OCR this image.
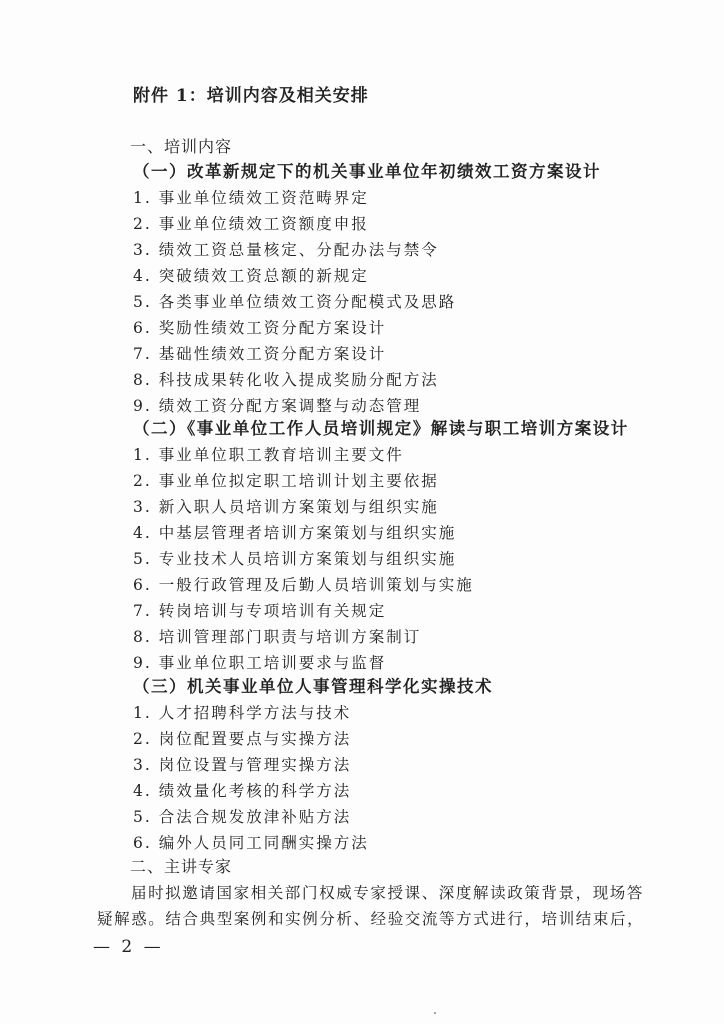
附件 1：培训内容及相关安排
一、培训内容
（一）改革新规定下的机关事业单位年初绩效工资方案设计
1. 事业单位绩效工资范畴界定
2. 事业单位绩效工资额度申报
3. 绩效工资总量核定、分配办法与禁令
4. 突破绩效工资总额的新规定
5. 各类事业单位绩效工资分配模式及思路
6. 奖励性绩效工资分配方案设计
7. 基础性绩效工资分配方案设计
8. 科技成果转化收入提成奖励分配方法
9. 绩效工资分配方案调整与动态管理
（二）《事业单位工作人员培训规定》解读与职工培训方案设计
1. 事业单位职工教育培训主要文件
2. 事业单位拟定职工培训计划主要依据
3. 新入职人员培训方案策划与组织实施
4. 中基层管理者培训方案策划与组织实施
5. 专业技术人员培训方案策划与组织实施
6. 一般行政管理及后勤人员培训策划与实施
7. 转岗培训与专项培训有关规定
8. 培训管理部门职责与培训方案制订
9. 事业单位职工培训要求与监督
（三）机关事业单位人事管理科学化实操技术
1. 人才招聘科学方法与技术
2. 岗位配置要点与实操方法
3. 岗位设置与管理实操方法
4. 绩效量化考核的科学方法
5. 合法合规发放津补贴方法
6. 编外人员同工同酬实操方法
二、主讲专家
届时拟邀请国家相关部门权威专家授课、深度解读政策背景，现场答
疑解惑。结合典型案例和实例分析、经验交流等方式进行，培训结束后，
— 2 —
